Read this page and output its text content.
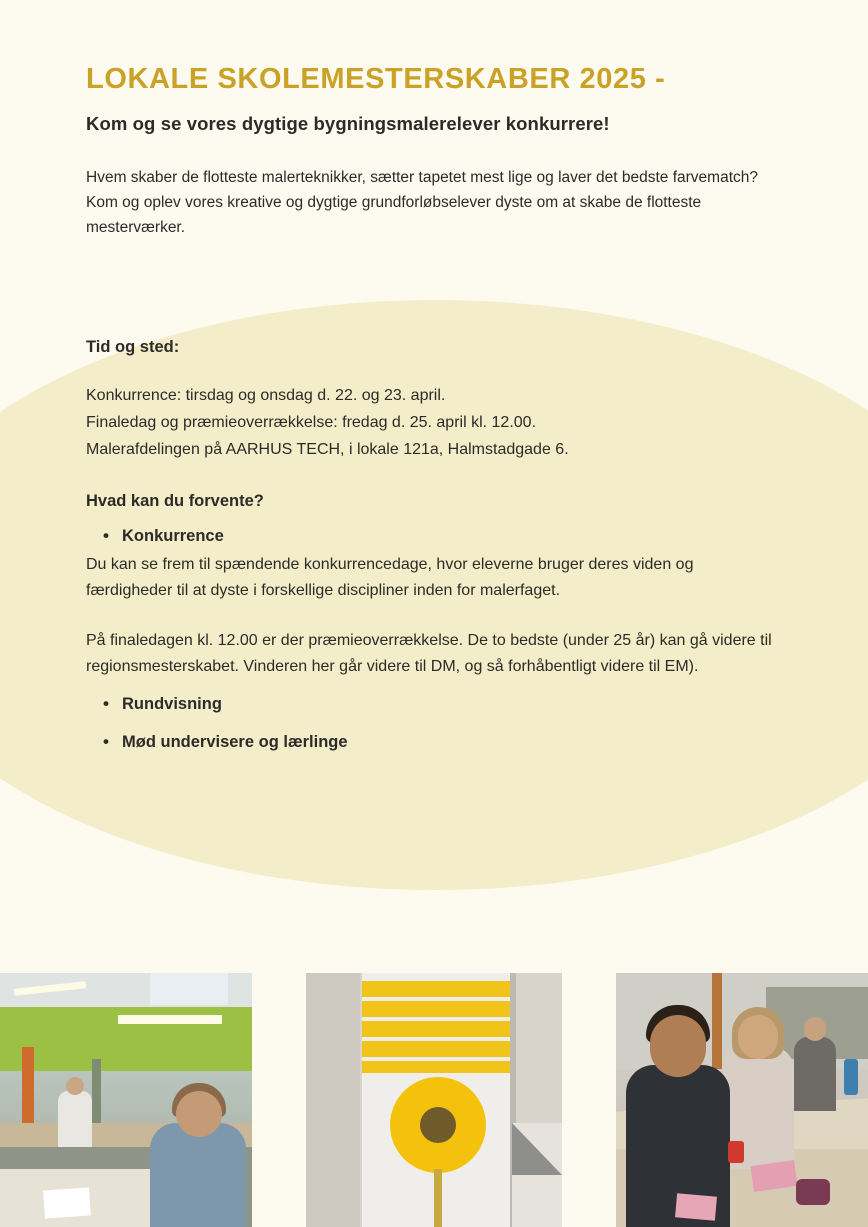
LOKALE SKOLEMESTERSKABER 2025 -

Kom og se vores dygtige bygningsmalerelever konkurrere!

Hvem skaber de flotteste malerteknikker, sætter tapetet mest lige og laver det bedste farvematch? Kom og oplev vores kreative og dygtige grundforløbselever dyste om at skabe de flotteste mesterværker.

Tid og sted:

Konkurrence: tirsdag og onsdag d. 22. og 23. april.
Finaledag og præmieoverrækkelse: fredag d. 25. april kl. 12.00.
Malerafdelingen på AARHUS TECH, i lokale 121a, Halmstadgade 6.

Hvad kan du forvente?

• Konkurrence

Du kan se frem til spændende konkurrencedage, hvor eleverne bruger deres viden og færdigheder til at dyste i forskellige discipliner inden for malerfaget.

På finaledagen kl. 12.00 er der præmieoverrækkelse. De to bedste (under 25 år) kan gå videre til regionsmesterskabet. Vinderen her går videre til DM, og så forhåbentligt videre til EM).

• Rundvisning
• Mød undervisere og lærlinge
